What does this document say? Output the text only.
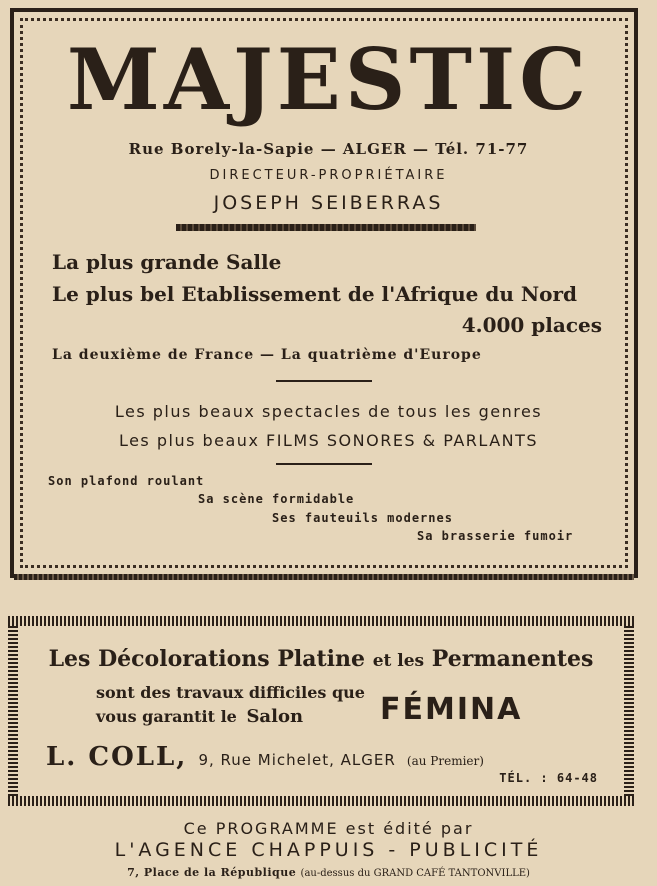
MAJESTIC
Rue Borely-la-Sapie — ALGER — Tél. 71-77
DIRECTEUR-PROPRIÉTAIRE
JOSEPH SEIBERRAS
La plus grande Salle
Le plus bel Etablissement de l'Afrique du Nord
4.000 places
La deuxième de France — La quatrième d'Europe
Les plus beaux spectacles de tous les genres
Les plus beaux FILMS SONORES & PARLANTS
Son plafond roulant
Sa scène formidable
Ses fauteuils modernes
Sa brasserie fumoir
Les Décolorations Platine et les Permanentes
sont des travaux difficiles que
vous garantit le Salon	FÉMINA
L. COLL, 9, Rue Michelet, ALGER (au Premier)
TÉL. : 64-48
Ce PROGRAMME est édité par
L'AGENCE CHAPPUIS - PUBLICITÉ
7, Place de la République (au-dessus du GRAND CAFÉ TANTONVILLE)
